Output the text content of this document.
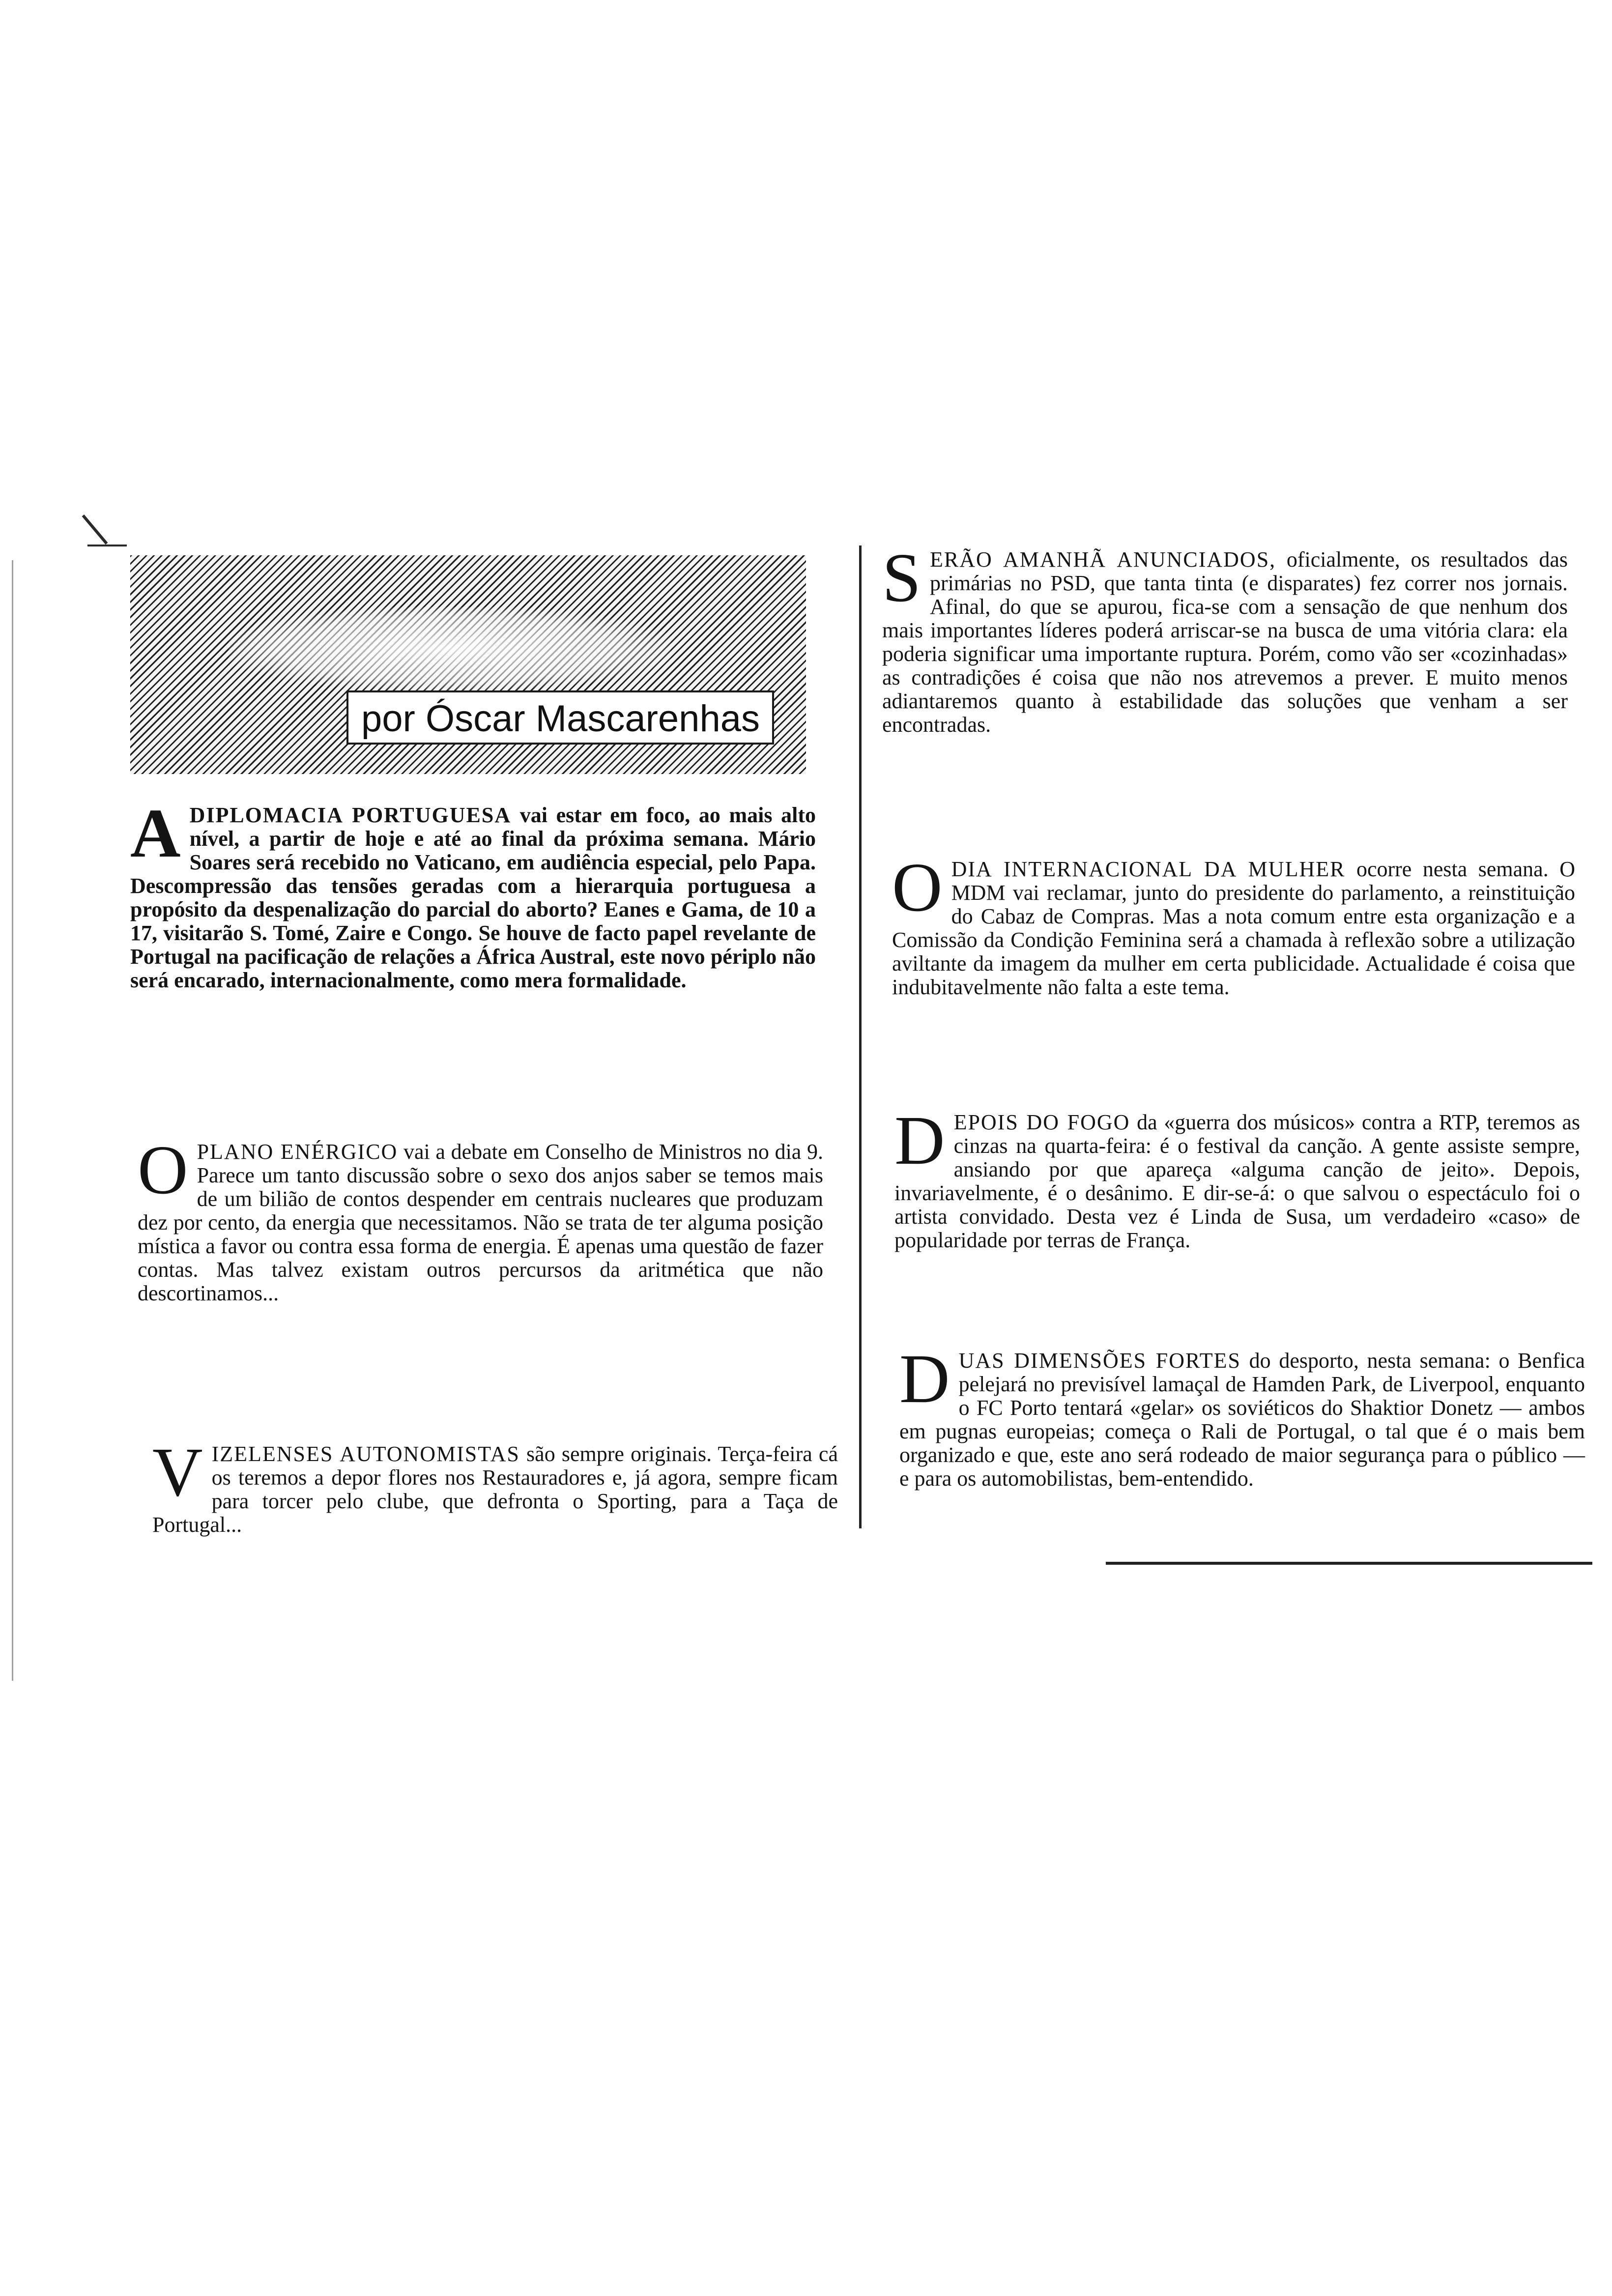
por Óscar Mascarenhas

ADIPLOMACIA PORTUGUESA vai estar em foco, ao mais alto nível, a partir de hoje e até ao final da próxima semana. Mário Soares será recebido no Vaticano, em audiência especial, pelo Papa. Descompressão das tensões geradas com a hierarquia portuguesa a propósito da despenalização do parcial do aborto? Eanes e Gama, de 10 a 17, visitarão S. Tomé, Zaire e Congo. Se houve de facto papel revelante de Portugal na pacificação de relações a África Austral, este novo périplo não será encarado, internacionalmente, como mera formalidade.

OPLANO ENÉRGICO vai a debate em Conselho de Ministros no dia 9. Parece um tanto discussão sobre o sexo dos anjos saber se temos mais de um bilião de contos despender em centrais nucleares que produzam dez por cento, da energia que necessitamos. Não se trata de ter alguma posição mística a favor ou contra essa forma de energia. É apenas uma questão de fazer contas. Mas talvez existam outros percursos da aritmética que não descortinamos...

VIZELENSES AUTONOMISTAS são sempre originais. Terça-feira cá os teremos a depor flores nos Restauradores e, já agora, sempre ficam para torcer pelo clube, que defronta o Sporting, para a Taça de Portugal...

SERÃO AMANHÃ ANUNCIADOS, oficialmente, os resultados das primárias no PSD, que tanta tinta (e disparates) fez correr nos jornais. Afinal, do que se apurou, fica-se com a sensação de que nenhum dos mais importantes líderes poderá arriscar-se na busca de uma vitória clara: ela poderia significar uma importante ruptura. Porém, como vão ser «cozinhadas» as contradições é coisa que não nos atrevemos a prever. E muito menos adiantaremos quanto à estabilidade das soluções que venham a ser encontradas.

ODIA INTERNACIONAL DA MULHER ocorre nesta semana. O MDM vai reclamar, junto do presidente do parlamento, a reinstituição do Cabaz de Compras. Mas a nota comum entre esta organização e a Comissão da Condição Feminina será a chamada à reflexão sobre a utilização aviltante da imagem da mulher em certa publicidade. Actualidade é coisa que indubitavelmente não falta a este tema.

DEPOIS DO FOGO da «guerra dos músicos» contra a RTP, teremos as cinzas na quarta-feira: é o festival da canção. A gente assiste sempre, ansiando por que apareça «alguma canção de jeito». Depois, invariavelmente, é o desânimo. E dir-se-á: o que salvou o espectáculo foi o artista convidado. Desta vez é Linda de Susa, um verdadeiro «caso» de popularidade por terras de França.

DUAS DIMENSÕES FORTES do desporto, nesta semana: o Benfica pelejará no previsível lamaçal de Hamden Park, de Liverpool, enquanto o FC Porto tentará «gelar» os soviéticos do Shaktior Donetz — ambos em pugnas europeias; começa o Rali de Portugal, o tal que é o mais bem organizado e que, este ano será rodeado de maior segurança para o público — e para os automobilistas, bem-entendido.
